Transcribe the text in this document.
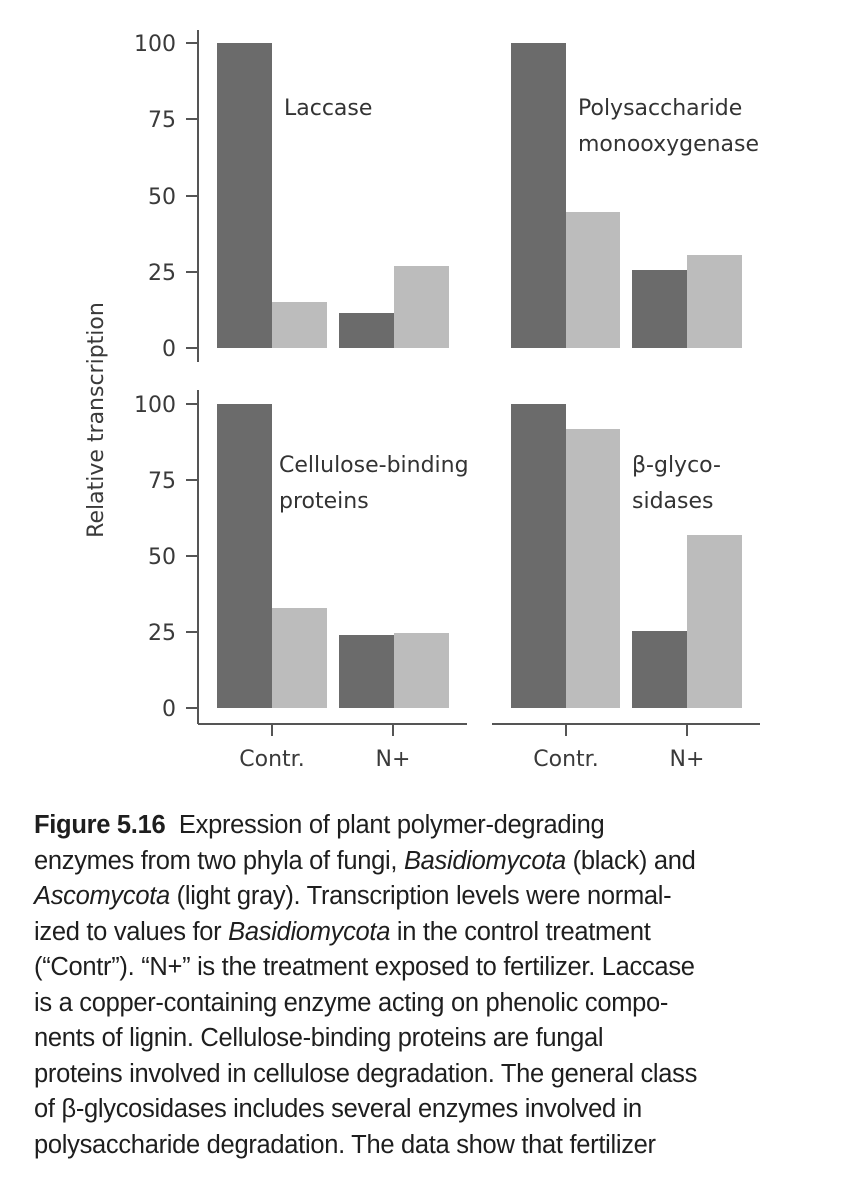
Relative transcription
100
75
50
25
0
Laccase	Polysaccharide
monooxygenase
100
75
50
25
0
Contr.	N+	Contr.	N+
Cellulose-binding
proteins
β-glyco-
sidases
Figure 5.16 Expression of plant polymer-degrading
enzymes from two phyla of fungi, Basidiomycota (black) and
Ascomycota (light gray). Transcription levels were normal-
ized to values for Basidiomycota in the control treatment
(“Contr”). “N+” is the treatment exposed to fertilizer. Laccase
is a copper-containing enzyme acting on phenolic compo-
nents of lignin. Cellulose-binding proteins are fungal
proteins involved in cellulose degradation. The general class
of β-glycosidases includes several enzymes involved in
polysaccharide degradation. The data show that fertilizer
